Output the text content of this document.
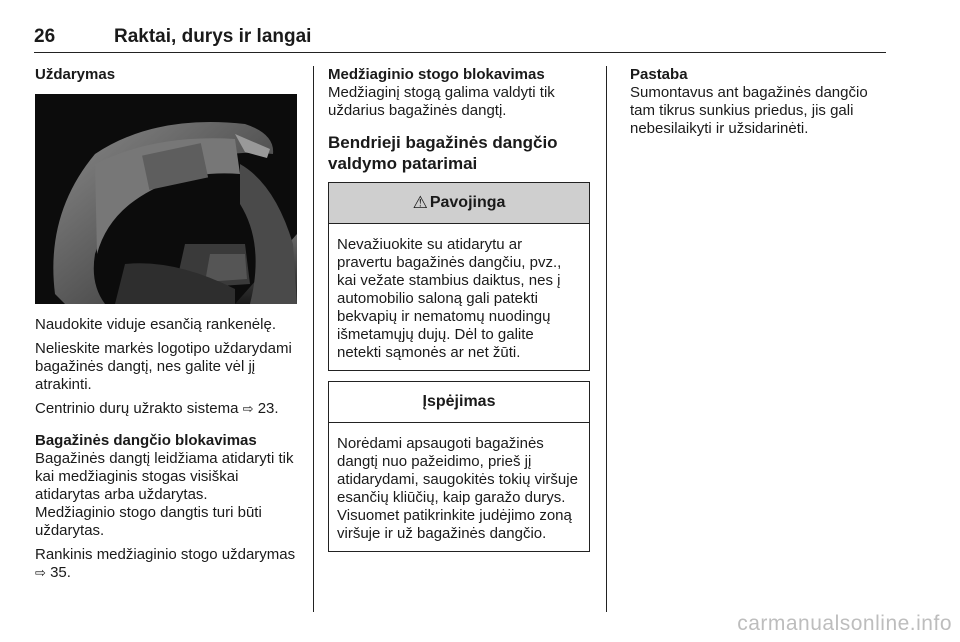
26	Raktai, durys ir langai
Uždarymas

Naudokite viduje esančią rankenėlę.

Nelieskite markės logotipo uždarydami bagažinės dangtį, nes galite vėl jį atrakinti.

Centrinio durų užrakto sistema ⇨ 23.

Bagažinės dangčio blokavimas

Bagažinės dangtį leidžiama atidaryti tik kai medžiaginis stogas visiškai atidarytas arba uždarytas.

Medžiaginio stogo dangtis turi būti uždarytas.

Rankinis medžiaginio stogo uždarymas ⇨ 35.

Medžiaginio stogo blokavimas

Medžiaginį stogą galima valdyti tik uždarius bagažinės dangtį.

Bendrieji bagažinės dangčio valdymo patarimai
⚠ Pavojinga
Nevažiuokite su atidarytu ar pravertu bagažinės dangčiu, pvz., kai vežate stambius daiktus, nes į automobilio saloną gali patekti bekvapių ir nematomų nuodingų išmetamųjų dujų. Dėl to galite netekti sąmonės ar net žūti.
Įspėjimas
Norėdami apsaugoti bagažinės dangtį nuo pažeidimo, prieš jį atidarydami, saugokitės tokių viršuje esančių kliūčių, kaip garažo durys. Visuomet patikrinkite judėjimo zoną viršuje ir už bagažinės dangčio.
Pastaba

Sumontavus ant bagažinės dangčio tam tikrus sunkius priedus, jis gali nebesilaikyti ir užsidarinėti.

carmanualsonline.info
